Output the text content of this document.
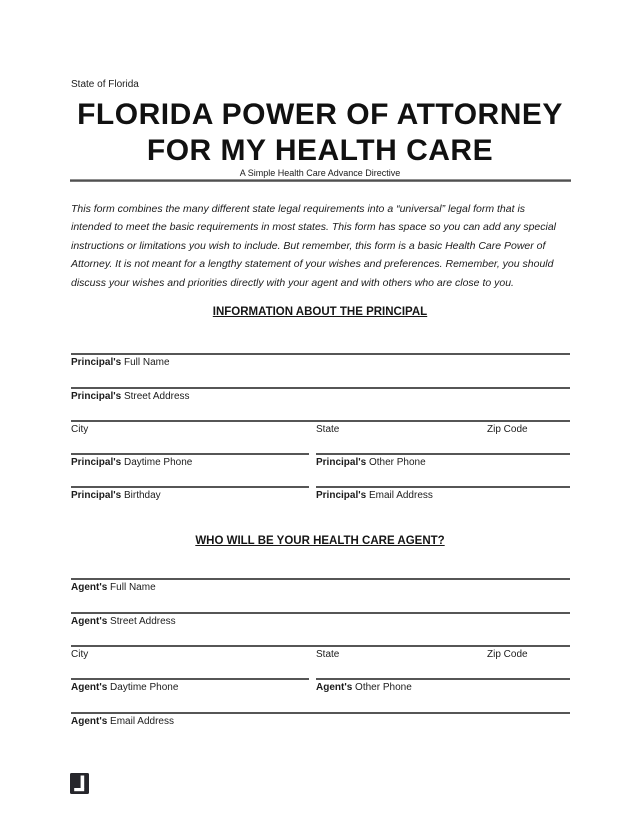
State of Florida
FLORIDA POWER OF ATTORNEY
FOR MY HEALTH CARE
A Simple Health Care Advance Directive
This form combines the many different state legal requirements into a “universal” legal form that is
intended to meet the basic requirements in most states. This form has space so you can add any special
instructions or limitations you wish to include. But remember, this form is a basic Health Care Power of
Attorney. It is not meant for a lengthy statement of your wishes and preferences. Remember, you should
discuss your wishes and priorities directly with your agent and with others who are close to you.
INFORMATION ABOUT THE PRINCIPAL
Principal's Full Name
Principal's Street Address
City	State	Zip Code
Principal's Daytime Phone	Principal's Other Phone
Principal's Birthday	Principal's Email Address
WHO WILL BE YOUR HEALTH CARE AGENT?
Agent's Full Name
Agent's Street Address
City	State	Zip Code
Agent's Daytime Phone	Agent's Other Phone
Agent's Email Address
